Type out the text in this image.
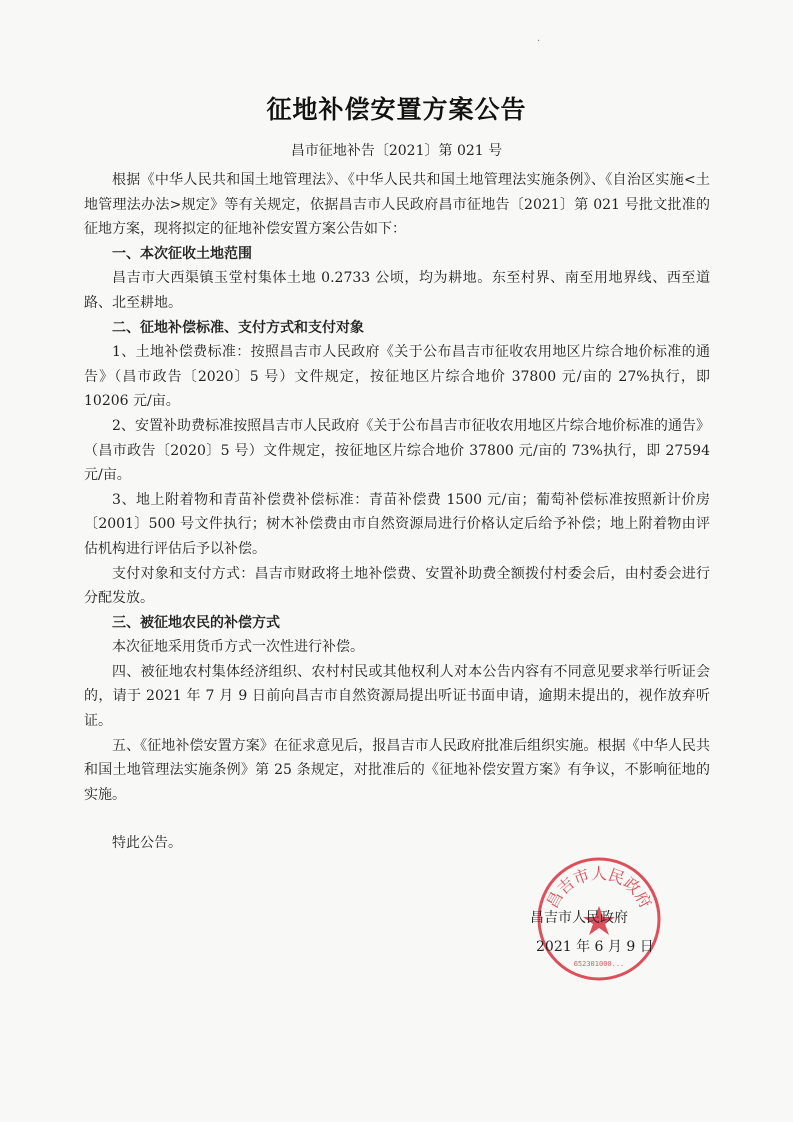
·
征地补偿安置方案公告
昌市征地补告〔2021〕第 021 号

根据《中华人民共和国土地管理法》、《中华人民共和国土地管理法实施条例》、《自治区实施<土地管理法办法>规定》等有关规定，依据昌吉市人民政府昌市征地告〔2021〕第 021 号批文批准的征地方案，现将拟定的征地补偿安置方案公告如下：

一、本次征收土地范围

昌吉市大西渠镇玉堂村集体土地 0.2733 公顷，均为耕地。东至村界、南至用地界线、西至道路、北至耕地。

二、征地补偿标准、支付方式和支付对象

1、土地补偿费标准：按照昌吉市人民政府《关于公布昌吉市征收农用地区片综合地价标准的通告》（昌市政告〔2020〕5 号）文件规定，按征地区片综合地价 37800 元/亩的 27%执行，即 10206 元/亩。

2、安置补助费标准按照昌吉市人民政府《关于公布昌吉市征收农用地区片综合地价标准的通告》（昌市政告〔2020〕5 号）文件规定，按征地区片综合地价 37800 元/亩的 73%执行，即 27594 元/亩。

3、地上附着物和青苗补偿费补偿标准：青苗补偿费 1500 元/亩；葡萄补偿标准按照新计价房〔2001〕500 号文件执行；树木补偿费由市自然资源局进行价格认定后给予补偿；地上附着物由评估机构进行评估后予以补偿。

支付对象和支付方式：昌吉市财政将土地补偿费、安置补助费全额拨付村委会后，由村委会进行分配发放。

三、被征地农民的补偿方式

本次征地采用货币方式一次性进行补偿。

四、被征地农村集体经济组织、农村村民或其他权利人对本公告内容有不同意见要求举行听证会的，请于 2021 年 7 月 9 日前向昌吉市自然资源局提出听证书面申请，逾期未提出的，视作放弃听证。

五、《征地补偿安置方案》在征求意见后，报昌吉市人民政府批准后组织实施。根据《中华人民共和国土地管理法实施条例》第 25 条规定，对批准后的《征地补偿安置方案》有争议，不影响征地的实施。

特此公告。

昌吉市人民政府
652301000...
昌吉市人民政府
2021 年 6 月 9 日
